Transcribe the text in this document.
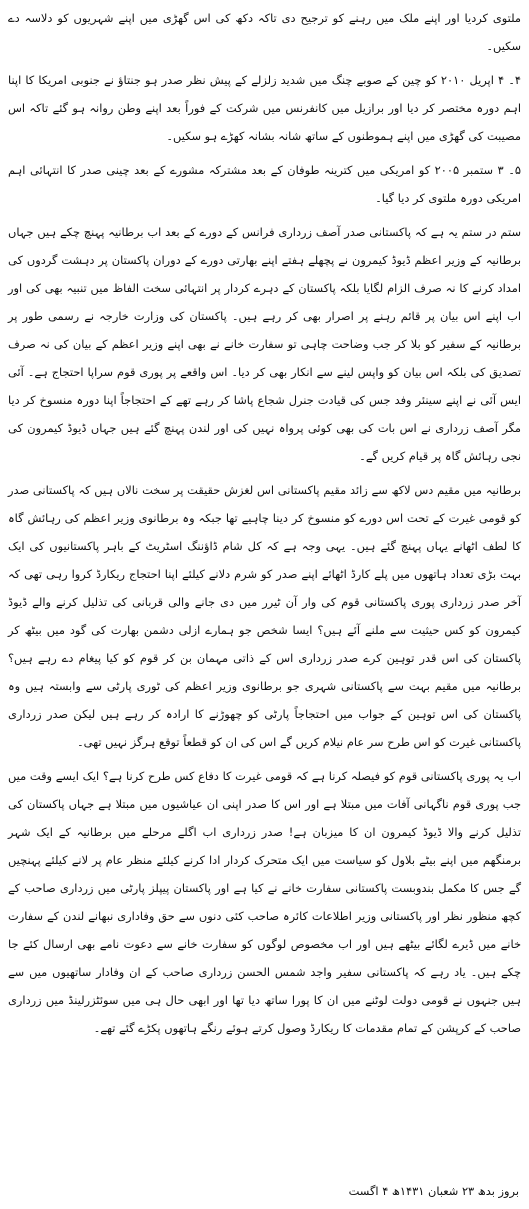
ملتوی کردیا اور اپنے ملک میں رہنے کو ترجیح دی تاکہ دکھ کی اس گھڑی میں اپنے شہریوں کو دلاسہ دے سکیں۔

۴۔ ۴ اپریل ۲۰۱۰ کو چین کے صوبے چنگ میں شدید زلزلے کے پیش نظر صدر ہو جنتاؤ نے جنوبی امریکا کا اپنا اہم دورہ مختصر کر دیا اور برازیل میں کانفرنس میں شرکت کے فوراً بعد اپنے وطن روانہ ہو گئے تاکہ اس مصیبت کی گھڑی میں اپنے ہموطنوں کے ساتھ شانہ بشانہ کھڑے ہو سکیں۔

۵۔ ۳ ستمبر ۲۰۰۵ کو امریکی میں کترینہ طوفان کے بعد مشترکہ مشورے کے بعد چینی صدر کا انتہائی اہم امریکی دورہ ملتوی کر دیا گیا۔

ستم در ستم یہ ہے کہ پاکستانی صدر آصف زرداری فرانس کے دورے کے بعد اب برطانیہ پہنچ چکے ہیں جہاں برطانیہ کے وزیر اعظم ڈیوڈ کیمرون نے پچھلے ہفتے اپنے بھارتی دورے کے دوران پاکستان پر دہشت گردوں کی امداد کرنے کا نہ صرف الزام لگایا بلکہ پاکستان کے دہرے کردار پر انتہائی سخت الفاظ میں تنبیہ بھی کی اور اب اپنے اس بیان پر قائم رہنے پر اصرار بھی کر رہے ہیں۔ پاکستان کی وزارت خارجہ نے رسمی طور پر برطانیہ کے سفیر کو بلا کر جب وضاحت چاہی تو سفارت خانے نے بھی اپنے وزیر اعظم کے بیان کی نہ صرف تصدیق کی بلکہ اس بیان کو واپس لینے سے انکار بھی کر دیا۔ اس واقعے پر پوری قوم سراپا احتجاج ہے۔ آئی ایس آئی نے اپنے سینئر وفد جس کی قیادت جنرل شجاع پاشا کر رہے تھے کے احتجاجاً اپنا دورہ منسوخ کر دیا مگر آصف زرداری نے اس بات کی بھی کوئی پرواہ نہیں کی اور لندن پہنچ گئے ہیں جہاں ڈیوڈ کیمرون کی نجی رہائش گاہ پر قیام کریں گے۔

برطانیہ میں مقیم دس لاکھ سے زائد مقیم پاکستانی اس لغزش حقیقت پر سخت نالاں ہیں کہ پاکستانی صدر کو قومی غیرت کے تحت اس دورے کو منسوخ کر دینا چاہیے تھا جبکہ وہ برطانوی وزیر اعظم کی رہائش گاہ کا لطف اٹھانے یہاں پہنچ گئے ہیں۔ یہی وجہ ہے کہ کل شام ڈاؤننگ اسٹریٹ کے باہر پاکستانیوں کی ایک بہت بڑی تعداد ہاتھوں میں پلے کارڈ اٹھائے اپنے صدر کو شرم دلانے کیلئے اپنا احتجاج ریکارڈ کروا رہی تھی کہ آخر صدر زرداری پوری پاکستانی قوم کی وار آن ٹیرر میں دی جانے والی قربانی کی تذلیل کرنے والے ڈیوڈ کیمرون کو کس حیثیت سے ملنے آئے ہیں؟ ایسا شخص جو ہمارے ازلی دشمن بھارت کی گود میں بیٹھ کر پاکستان کی اس قدر توہین کرے صدر زرداری اس کے ذاتی مہمان بن کر قوم کو کیا پیغام دے رہے ہیں؟ برطانیہ میں مقیم بہت سے پاکستانی شہری جو برطانوی وزیر اعظم کی ٹوری پارٹی سے وابستہ ہیں وہ پاکستان کی اس توہین کے جواب میں احتجاجاً پارٹی کو چھوڑنے کا ارادہ کر رہے ہیں لیکن صدر زرداری پاکستانی غیرت کو اس طرح سر عام نیلام کریں گے اس کی ان کو قطعاً توقع ہرگز نہیں تھی۔

اب یہ پوری پاکستانی قوم کو فیصلہ کرنا ہے کہ قومی غیرت کا دفاع کس طرح کرنا ہے؟ ایک ایسے وقت میں جب پوری قوم ناگہانی آفات میں مبتلا ہے اور اس کا صدر اپنی ان عیاشیوں میں مبتلا ہے جہاں پاکستان کی تذلیل کرنے والا ڈیوڈ کیمرون ان کا میزبان ہے! صدر زرداری اب اگلے مرحلے میں برطانیہ کے ایک شہر برمنگھم میں اپنے بیٹے بلاول کو سیاست میں ایک متحرک کردار ادا کرنے کیلئے منظر عام پر لانے کیلئے پہنچیں گے جس کا مکمل بندوبست پاکستانی سفارت خانے نے کیا ہے اور پاکستان پیپلز پارٹی میں زرداری صاحب کے کچھ منظور نظر اور پاکستانی وزیر اطلاعات کائرہ صاحب کئی دنوں سے حق وفاداری نبھانے لندن کے سفارت خانے میں ڈیرے لگائے بیٹھے ہیں اور اب مخصوص لوگوں کو سفارت خانے سے دعوت نامے بھی ارسال کئے جا چکے ہیں۔ یاد رہے کہ پاکستانی سفیر واجد شمس الحسن زرداری صاحب کے ان وفادار ساتھیوں میں سے ہیں جنہوں نے قومی دولت لوٹنے میں ان کا پورا ساتھ دیا تھا اور ابھی حال ہی میں سوئٹزرلینڈ میں زرداری صاحب کے کرپشن کے تمام مقدمات کا ریکارڈ وصول کرتے ہوئے رنگے ہاتھوں پکڑے گئے تھے۔

بروز بدھ ۲۳ شعبان ۱۴۳۱ھ ۴ اگست
